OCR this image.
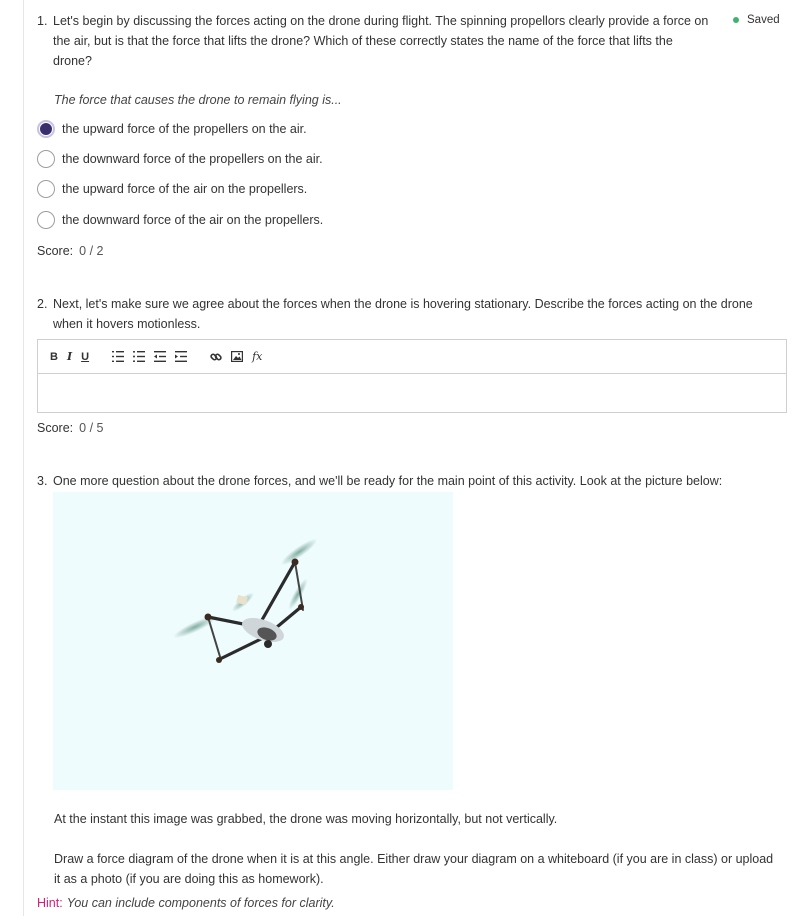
Saved
1. Let's begin by discussing the forces acting on the drone during flight. The spinning propellors clearly provide a force on
the air, but is that the force that lifts the drone? Which of these correctly states the name of the force that lifts the
drone?
The force that causes the drone to remain flying is...
the upward force of the propellers on the air.
the downward force of the propellers on the air.
the upward force of the air on the propellers.
the downward force of the air on the propellers.
Score: 0 / 2
2. Next, let's make sure we agree about the forces when the drone is hovering stationary. Describe the forces acting on the drone
when it hovers motionless.
B I U	fx
Score: 0 / 5
3. One more question about the drone forces, and we'll be ready for the main point of this activity. Look at the picture below:
At the instant this image was grabbed, the drone was moving horizontally, but not vertically.
Draw a force diagram of the drone when it is at this angle. Either draw your diagram on a whiteboard (if you are in class) or upload
it as a photo (if you are doing this as homework).
Hint: You can include components of forces for clarity.
